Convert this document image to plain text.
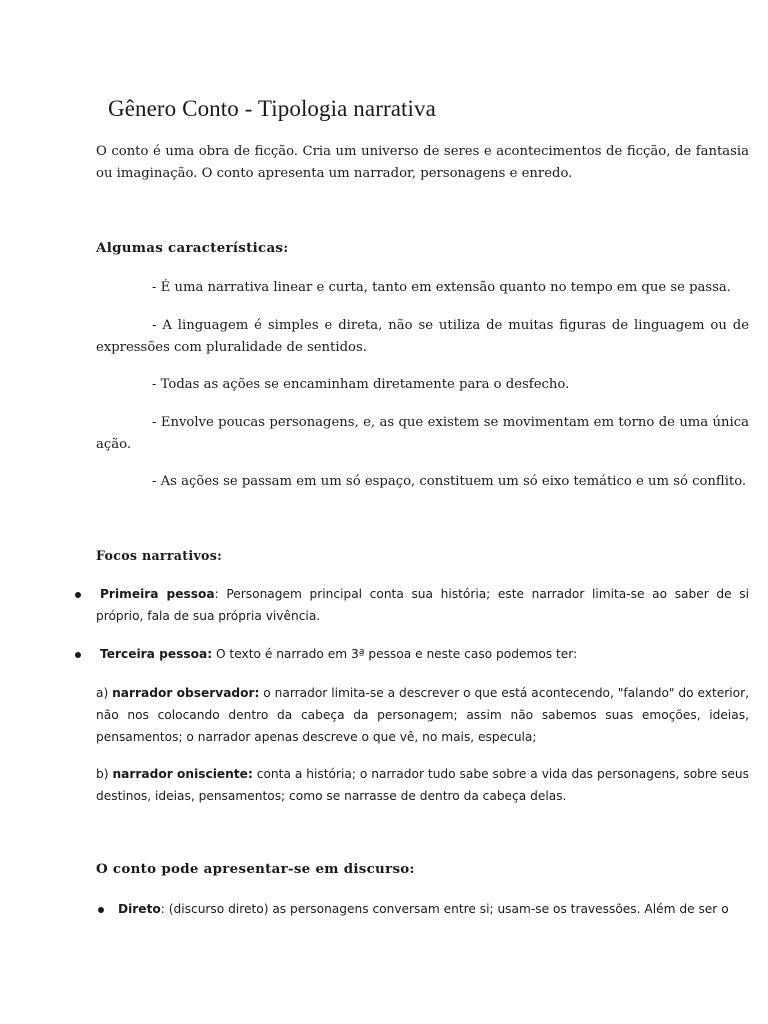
Gênero Conto - Tipologia narrativa

O conto é uma obra de ficção. Cria um universo de seres e acontecimentos de ficção, de fantasia ou imaginação. O conto apresenta um narrador, personagens e enredo.

Algumas características:

- É uma narrativa linear e curta, tanto em extensão quanto no tempo em que se passa.

- A linguagem é simples e direta, não se utiliza de muitas figuras de linguagem ou de expressões com pluralidade de sentidos.

- Todas as ações se encaminham diretamente para o desfecho.

- Envolve poucas personagens, e, as que existem se movimentam em torno de uma única ação.

- As ações se passam em um só espaço, constituem um só eixo temático e um só conflito.

Focos narrativos:

Primeira pessoa: Personagem principal conta sua história; este narrador limita-se ao saber de si próprio, fala de sua própria vivência.

Terceira pessoa: O texto é narrado em 3ª pessoa e neste caso podemos ter:

a) narrador observador: o narrador limita-se a descrever o que está acontecendo, "falando" do exterior, não nos colocando dentro da cabeça da personagem; assim não sabemos suas emoções, ideias, pensamentos; o narrador apenas descreve o que vê, no mais, especula;

b) narrador onisciente: conta a história; o narrador tudo sabe sobre a vida das personagens, sobre seus destinos, ideias, pensamentos; como se narrasse de dentro da cabeça delas.

O conto pode apresentar-se em discurso:

Direto: (discurso direto) as personagens conversam entre si; usam-se os travessões. Além de ser o
